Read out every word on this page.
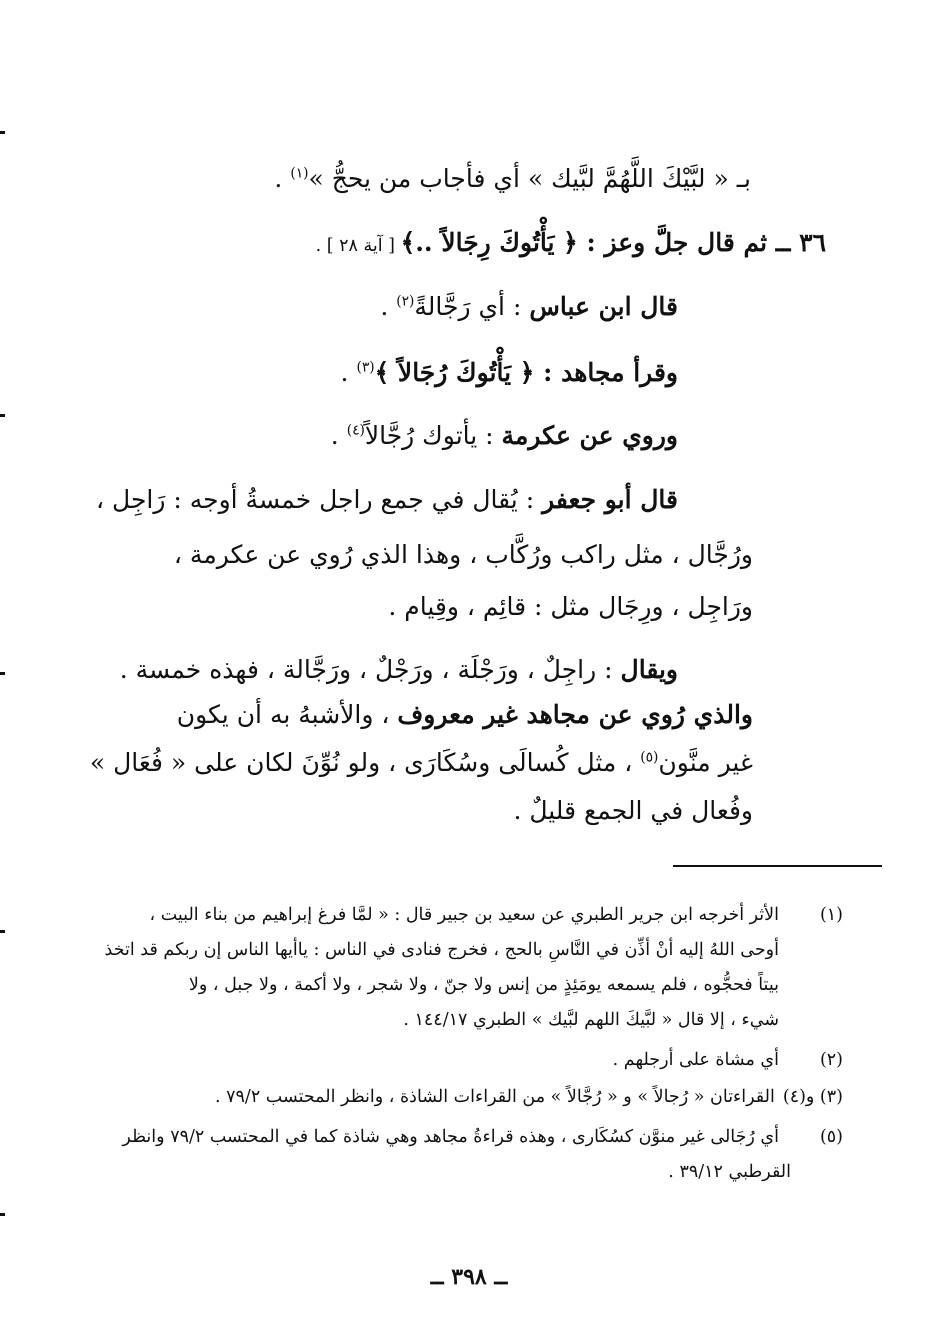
بـ « لبَّيْكَ اللَّهُمَّ لبَّيك » أي فأجاب من يحجُّ »$^{(١)}$ .

٣٦ ــ ثم قال جلَّ وعز : ﴿ يَأْتُوكَ رِجَالاً ..﴾ [ آية ٢٨ ] .

قال ابن عباس : أي رَجَّالةً$^{(٢)}$ .

وقرأ مجاهد : ﴿ يَأْتُوكَ رُجَالاً ﴾$^{(٣)}$ .

وروي عن عكرمة : يأتوك رُجَّالاً$^{(٤)}$ .

قال أبو جعفر : يُقال في جمع راجل خمسةُ أوجه : رَاجِل ،

ورُجَّال ، مثل راكب ورُكَّاب ، وهذا الذي رُوي عن عكرمة ،

ورَاجِل ، ورِجَال مثل : قائِم ، وقِيام .

ويقال : راجِلٌ ، ورَجْلَة ، ورَجْلٌ ، ورَجَّالة ، فهذه خمسة .

والذي رُوي عن مجاهد غير معروف ، والأشبهُ به أن يكون

غير منَّون$^{(٥)}$ ، مثل كُسالَى وسُكَارَى ، ولو نُوِّنَ لكان على « فُعَال »

وفُعال في الجمع قليلٌ .

(١)الأثر أخرجه ابن جرير الطبري عن سعيد بن جبير قال : « لمَّا فرغ إبراهيم من بناء البيت ،

أوحى اللهُ إليه أنْ أذِّن في النَّاسِ بالحج ، فخرج فنادى في الناس : ياأيها الناس إن ربكم قد اتخذ

بيتاً فحجُّوه ، فلم يسمعه يومَئِذٍ من إنس ولا جنّ ، ولا شجر ، ولا أكمة ، ولا جبل ، ولا

شيء ، إلا قال « لبَّيكَ اللهم لبَّيك » الطبري ١٤٤/١٧ .

(٢)أي مشاة على أرجلهم .

(٣) و(٤)القراءتان « رُجالاً » و « رُجَّالاً » من القراءات الشاذة ، وانظر المحتسب ٧٩/٢ .

(٥)أي رُجَالى غير منوَّن كسُكَارى ، وهذه قراءةُ مجاهد وهي شاذة كما في المحتسب ٧٩/٢ وانظر

القرطبي ٣٩/١٢ .

ــ ٣٩٨ ــ
